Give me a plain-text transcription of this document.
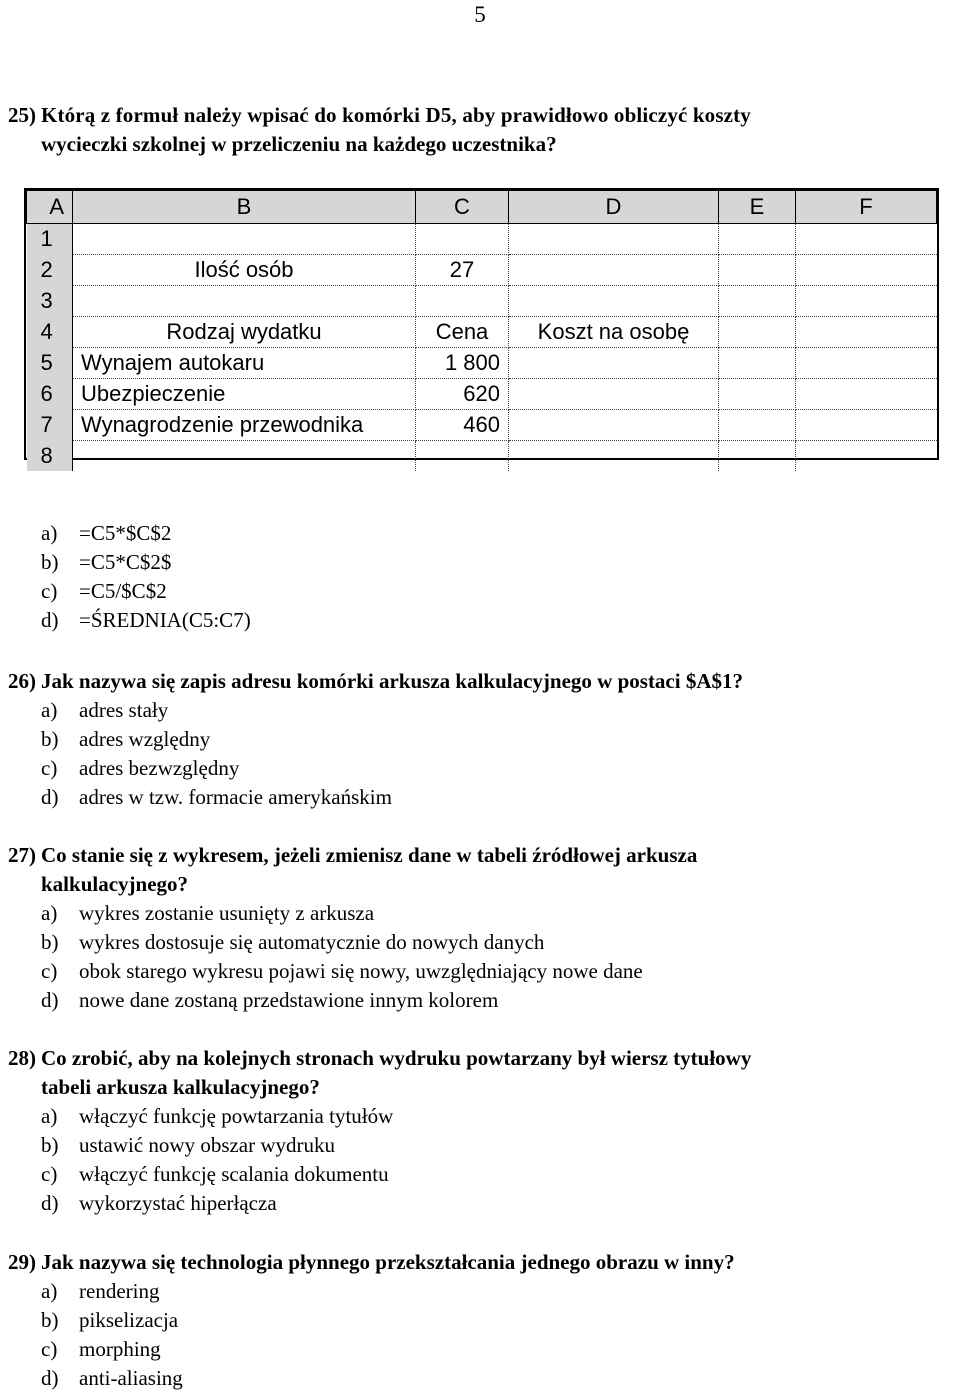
5
25) Którą z formuł należy wpisać do komórki D5, aby prawidłowo obliczyć koszty
wycieczki szkolnej w przeliczeniu na każdego uczestnika?
A	B	C	D	E	F
1					
2	Ilość osób	27			
3					
4	Rodzaj wydatku	Cena	Koszt na osobę		
5	Wynajem autokaru	1 800			
6	Ubezpieczenie	620			
7	Wynagrodzenie przewodnika	460			
8					
a) =C5*$C$2
b) =C5*C$2$
c) =C5/$C$2
d) =ŚREDNIA(C5:C7)
26) Jak nazywa się zapis adresu komórki arkusza kalkulacyjnego w postaci $A$1?
a) adres stały
b) adres względny
c) adres bezwzględny
d) adres w tzw. formacie amerykańskim
27) Co stanie się z wykresem, jeżeli zmienisz dane w tabeli źródłowej arkusza
kalkulacyjnego?
a) wykres zostanie usunięty z arkusza
b) wykres dostosuje się automatycznie do nowych danych
c) obok starego wykresu pojawi się nowy, uwzględniający nowe dane
d) nowe dane zostaną przedstawione innym kolorem
28) Co zrobić, aby na kolejnych stronach wydruku powtarzany był wiersz tytułowy
tabeli arkusza kalkulacyjnego?
a) włączyć funkcję powtarzania tytułów
b) ustawić nowy obszar wydruku
c) włączyć funkcję scalania dokumentu
d) wykorzystać hiperłącza
29) Jak nazywa się technologia płynnego przekształcania jednego obrazu w inny?
a) rendering
b) pikselizacja
c) morphing
d) anti-aliasing
